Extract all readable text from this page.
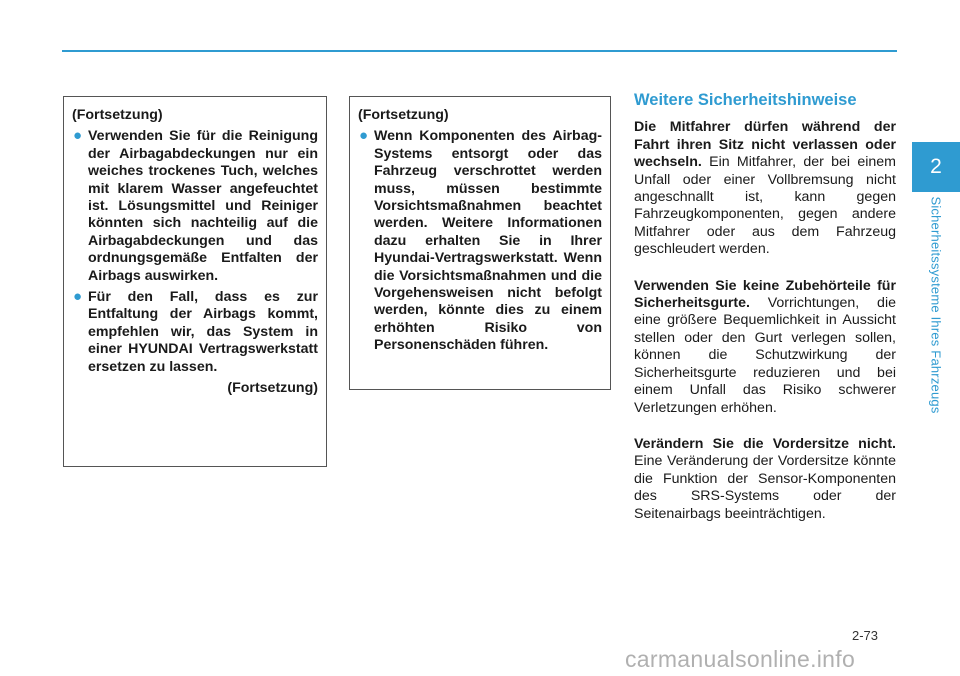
(Fortsetzung)
● Verwenden Sie für die Reinigung der Airbagabdeckungen nur ein weiches trockenes Tuch, welches mit klarem Wasser angefeuchtet ist. Lösungsmittel und Reiniger könnten sich nachteilig auf die Airbagabdeckungen und das ordnungsgemäße Entfalten der Airbags auswirken.
● Für den Fall, dass es zur Entfaltung der Airbags kommt, empfehlen wir, das System in einer HYUNDAI Vertragswerkstatt ersetzen zu lassen.
(Fortsetzung)
(Fortsetzung)
● Wenn Komponenten des Airbag-Systems entsorgt oder das Fahrzeug verschrottet werden muss, müssen bestimmte Vorsichtsmaßnahmen beachtet werden. Weitere Informationen dazu erhalten Sie in Ihrer Hyundai-Vertragswerkstatt. Wenn die Vorsichtsmaßnahmen und die Vorgehensweisen nicht befolgt werden, könnte dies zu einem erhöhten Risiko von Personenschäden führen.
Weitere Sicherheitshinweise
Die Mitfahrer dürfen während der Fahrt ihren Sitz nicht verlassen oder wechseln. Ein Mitfahrer, der bei einem Unfall oder einer Vollbremsung nicht angeschnallt ist, kann gegen Fahrzeugkomponenten, gegen andere Mitfahrer oder aus dem Fahrzeug geschleudert werden.
Verwenden Sie keine Zubehörteile für Sicherheitsgurte. Vorrichtungen, die eine größere Bequemlichkeit in Aussicht stellen oder den Gurt verlegen sollen, können die Schutzwirkung der Sicherheitsgurte reduzieren und bei einem Unfall das Risiko schwerer Verletzungen erhöhen.
Verändern Sie die Vordersitze nicht. Eine Veränderung der Vordersitze könnte die Funktion der Sensor-Komponenten des SRS-Systems oder der Seitenairbags beeinträchtigen.
2
Sicherheitssysteme Ihres Fahrzeugs
2-73
carmanualsonline.info
